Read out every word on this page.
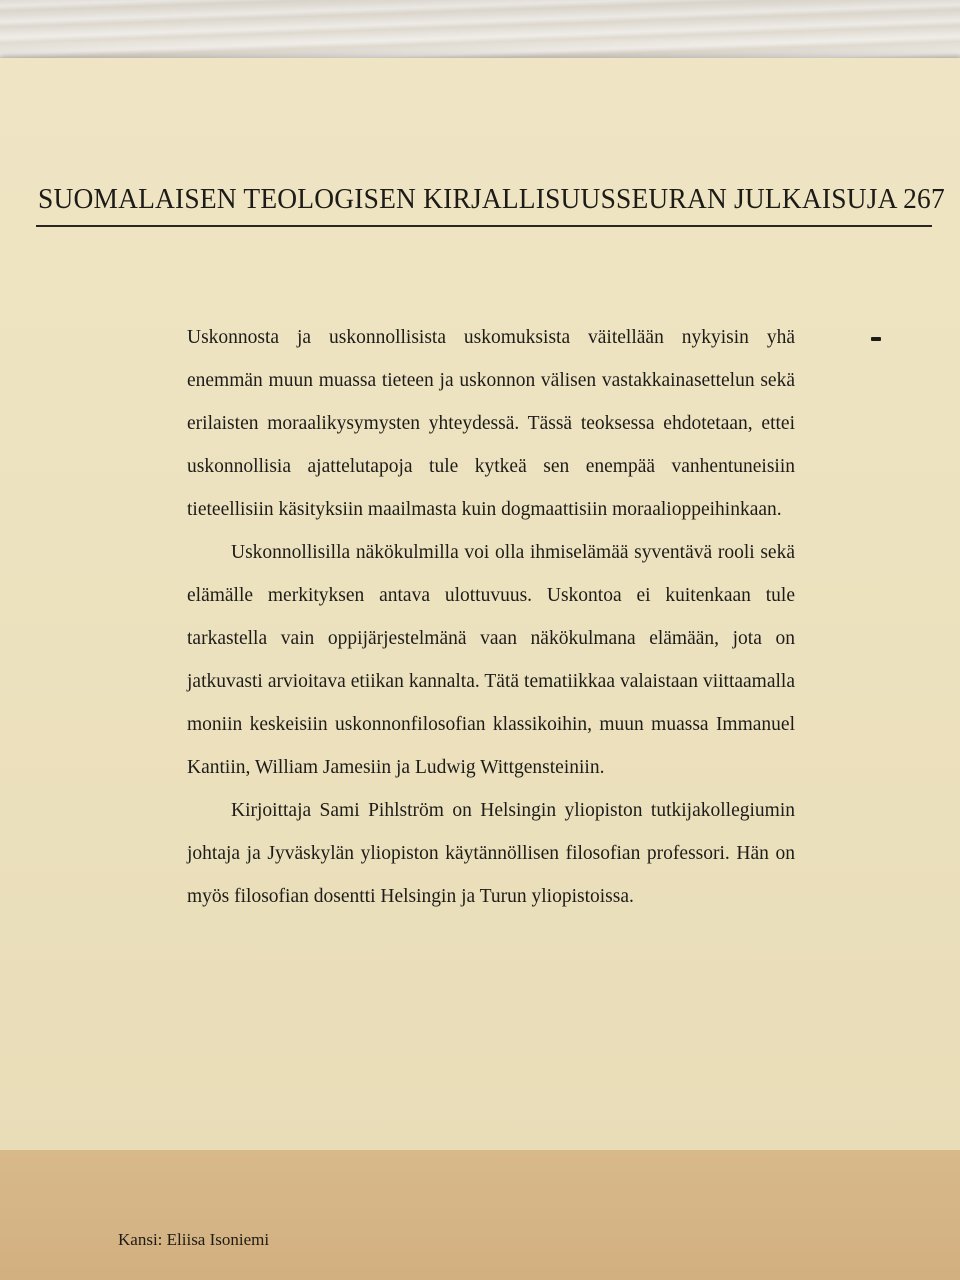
SUOMALAISEN TEOLOGISEN KIRJALLISUUSSEURAN JULKAISUJA 267

Uskonnosta ja uskonnollisista uskomuksista väitellään nykyisin yhä enemmän muun muassa tieteen ja uskonnon välisen vastakkainasettelun sekä erilaisten moraalikysymysten yhteydessä. Tässä teoksessa ehdotetaan, ettei uskonnollisia ajattelutapoja tule kytkeä sen enempää vanhentuneisiin tieteellisiin käsityksiin maailmasta kuin dogmaattisiin moraalioppeihinkaan.

Uskonnollisilla näkökulmilla voi olla ihmiselämää syventävä rooli sekä elämälle merkityksen antava ulottuvuus. Uskontoa ei kuitenkaan tule tarkastella vain oppijärjestelmänä vaan näkökulmana elämään, jota on jatkuvasti arvioitava etiikan kannalta. Tätä tematiikkaa valaistaan viittaamalla moniin keskeisiin uskonnonfilosofian klassikoihin, muun muassa Immanuel Kantiin, William Jamesiin ja Ludwig Wittgensteiniin.

Kirjoittaja Sami Pihlström on Helsingin yliopiston tutkijakollegiumin johtaja ja Jyväskylän yliopiston käytännöllisen filosofian professori. Hän on myös filosofian dosentti Helsingin ja Turun yliopistoissa.

Kansi: Eliisa Isoniemi
